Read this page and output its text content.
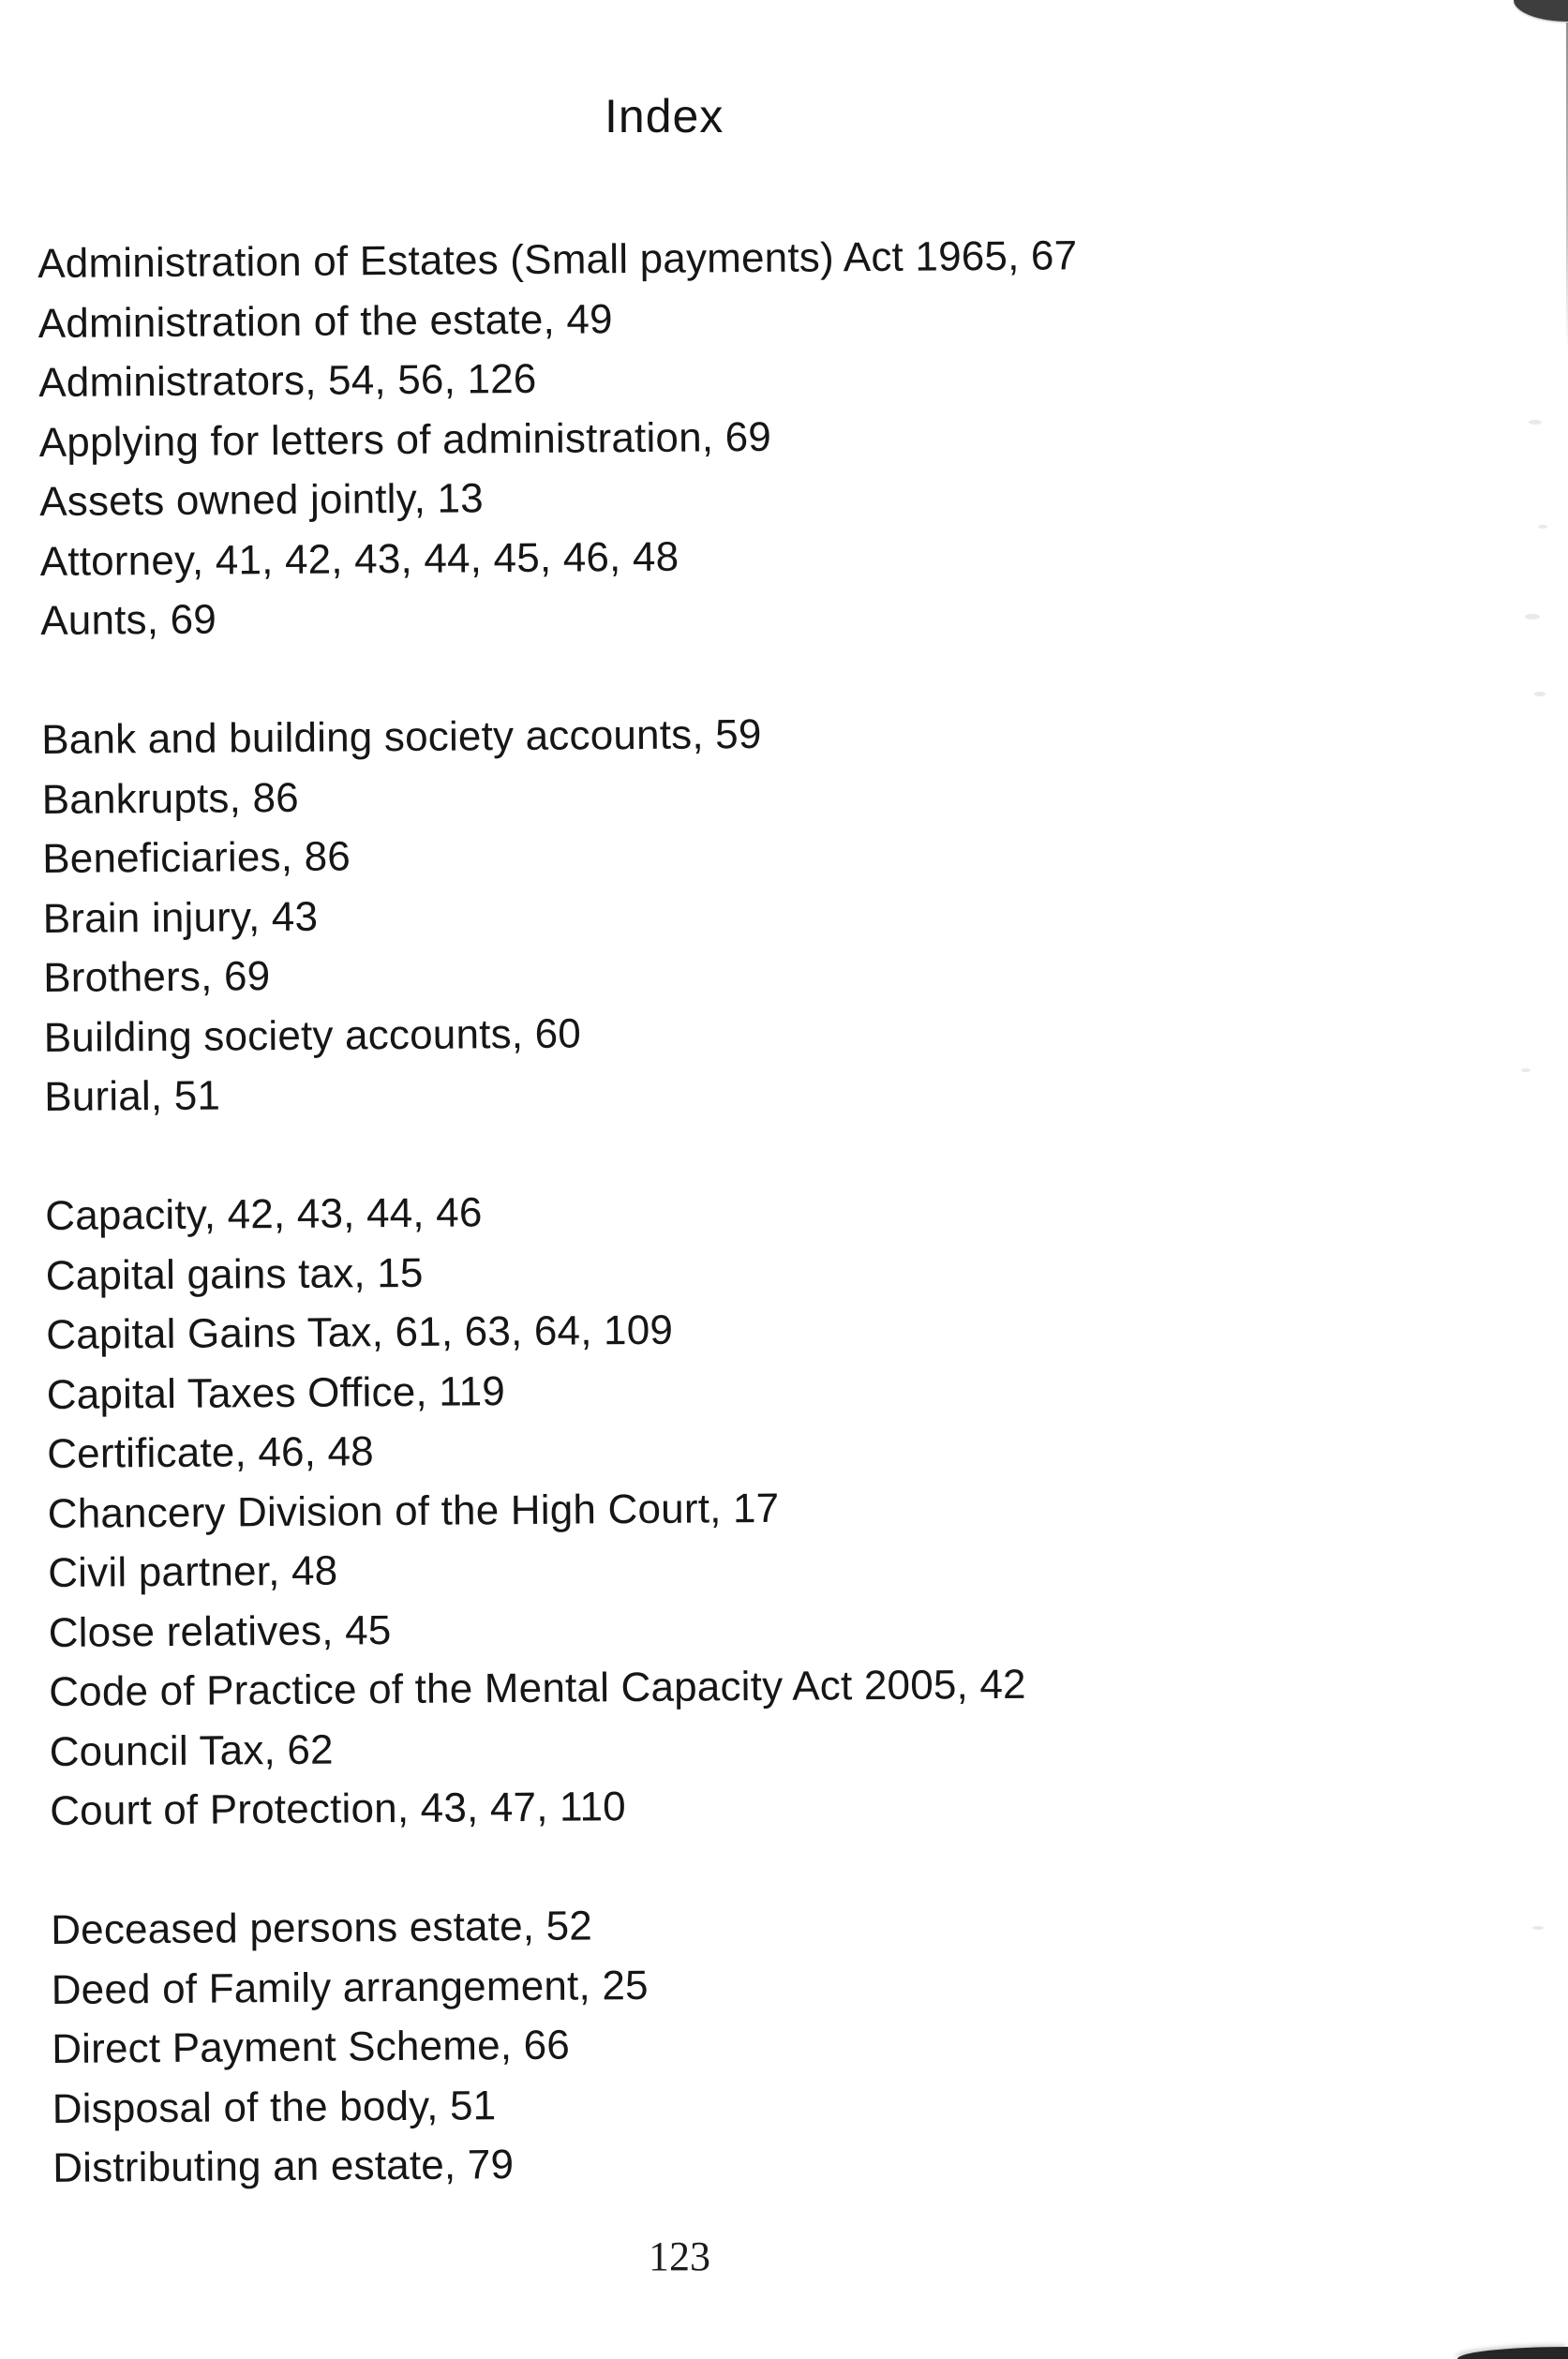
Index
Administration of Estates (Small payments) Act 1965, 67
Administration of the estate, 49
Administrators, 54, 56, 126
Applying for letters of administration, 69
Assets owned jointly, 13
Attorney, 41, 42, 43, 44, 45, 46, 48
Aunts, 69
Bank and building society accounts, 59
Bankrupts, 86
Beneficiaries, 86
Brain injury, 43
Brothers, 69
Building society accounts, 60
Burial, 51
Capacity, 42, 43, 44, 46
Capital gains tax, 15
Capital Gains Tax, 61, 63, 64, 109
Capital Taxes Office, 119
Certificate, 46, 48
Chancery Division of the High Court, 17
Civil partner, 48
Close relatives, 45
Code of Practice of the Mental Capacity Act 2005, 42
Council Tax, 62
Court of Protection, 43, 47, 110
Deceased persons estate, 52
Deed of Family arrangement, 25
Direct Payment Scheme, 66
Disposal of the body, 51
Distributing an estate, 79
123
